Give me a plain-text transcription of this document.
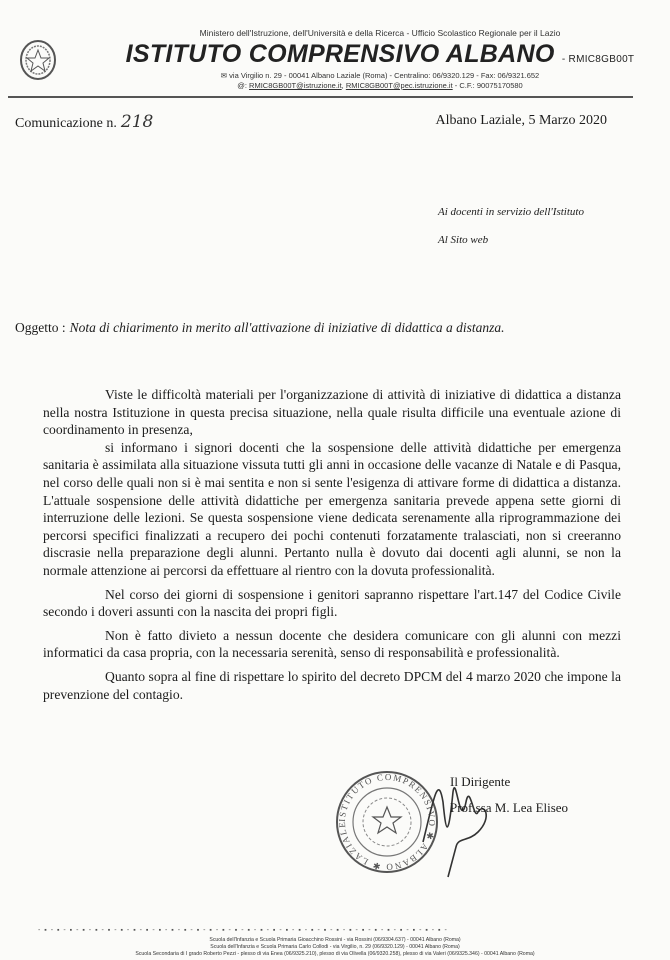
Ministero dell'Istruzione, dell'Università e della Ricerca - Ufficio Scolastico Regionale per il Lazio
ISTITUTO COMPRENSIVO ALBANO - RMIC8GB00T
✉ via Virgilio n. 29 - 00041 Albano Laziale (Roma) - Centralino: 06/9320.129 - Fax: 06/9321.652
@: RMIC8GB00T@istruzione.it, RMIC8GB00T@pec.istruzione.it - C.F.: 90075170580
Comunicazione n. 218	Albano Laziale, 5 Marzo 2020
Ai docenti in servizio dell'Istituto
Al Sito web
Oggetto : Nota di chiarimento in merito all'attivazione di iniziative di didattica a distanza.

Viste le difficoltà materiali per l'organizzazione di attività di iniziative di didattica a distanza nella nostra Istituzione in questa precisa situazione, nella quale risulta difficile una eventuale azione di coordinamento in presenza,

si informano i signori docenti che la sospensione delle attività didattiche per emergenza sanitaria è assimilata alla situazione vissuta tutti gli anni in occasione delle vacanze di Natale e di Pasqua, nel corso delle quali non si è mai sentita e non si sente l'esigenza di attivare forme di didattica a distanza. L'attuale sospensione delle attività didattiche per emergenza sanitaria prevede appena sette giorni di interruzione delle lezioni. Se questa sospensione viene dedicata serenamente alla riprogrammazione dei percorsi specifici finalizzati a recupero dei pochi contenuti forzatamente tralasciati, non si creeranno discrasie nella preparazione degli alunni. Pertanto nulla è dovuto dai docenti agli alunni, se non la normale attenzione ai percorsi da effettuare al rientro con la dovuta professionalità.

Nel corso dei giorni di sospensione i genitori sapranno rispettare l'art.147 del Codice Civile secondo i doveri assunti con la nascita dei propri figli.

Non è fatto divieto a nessun docente che desidera comunicare con gli alunni con mezzi informatici da casa propria, con la necessaria serenità, senso di responsabilità e professionalità.

Quanto sopra al fine di rispettare lo spirito del decreto DPCM del 4 marzo 2020 che impone la prevenzione del contagio.

ISTITUTO COMPRENSIVO ✱ ALBANO ✱ LAZIALE
Il Dirigente
Prof.ssa M. Lea Eliseo
- ▪ - ▪ - ▪ - ▪ - ▪ - ▪ - ▪ - ▪ - ▪ - ▪ - ▪ - ▪ - ▪ - ▪ - ▪ - ▪ - ▪ - ▪ - ▪ - ▪ - ▪ - ▪ - ▪ - ▪ - ▪ - ▪ - ▪ - ▪ - ▪ - ▪ - ▪ - ▪ -
Scuola dell'Infanzia e Scuola Primaria Gioacchino Rossini - via Rossini (06/9304.637) - 00041 Albano (Roma)
Scuola dell'Infanzia e Scuola Primaria Carlo Collodi - via Virgilio, n. 29 (06/9320.129) - 00041 Albano (Roma)
Scuola Secondaria di I grado Roberto Pezzi - plesso di via Enea (06/9325.210), plesso di via Olivella (06/9320.258), plesso di via Valeri (06/9325.346) - 00041 Albano (Roma)
